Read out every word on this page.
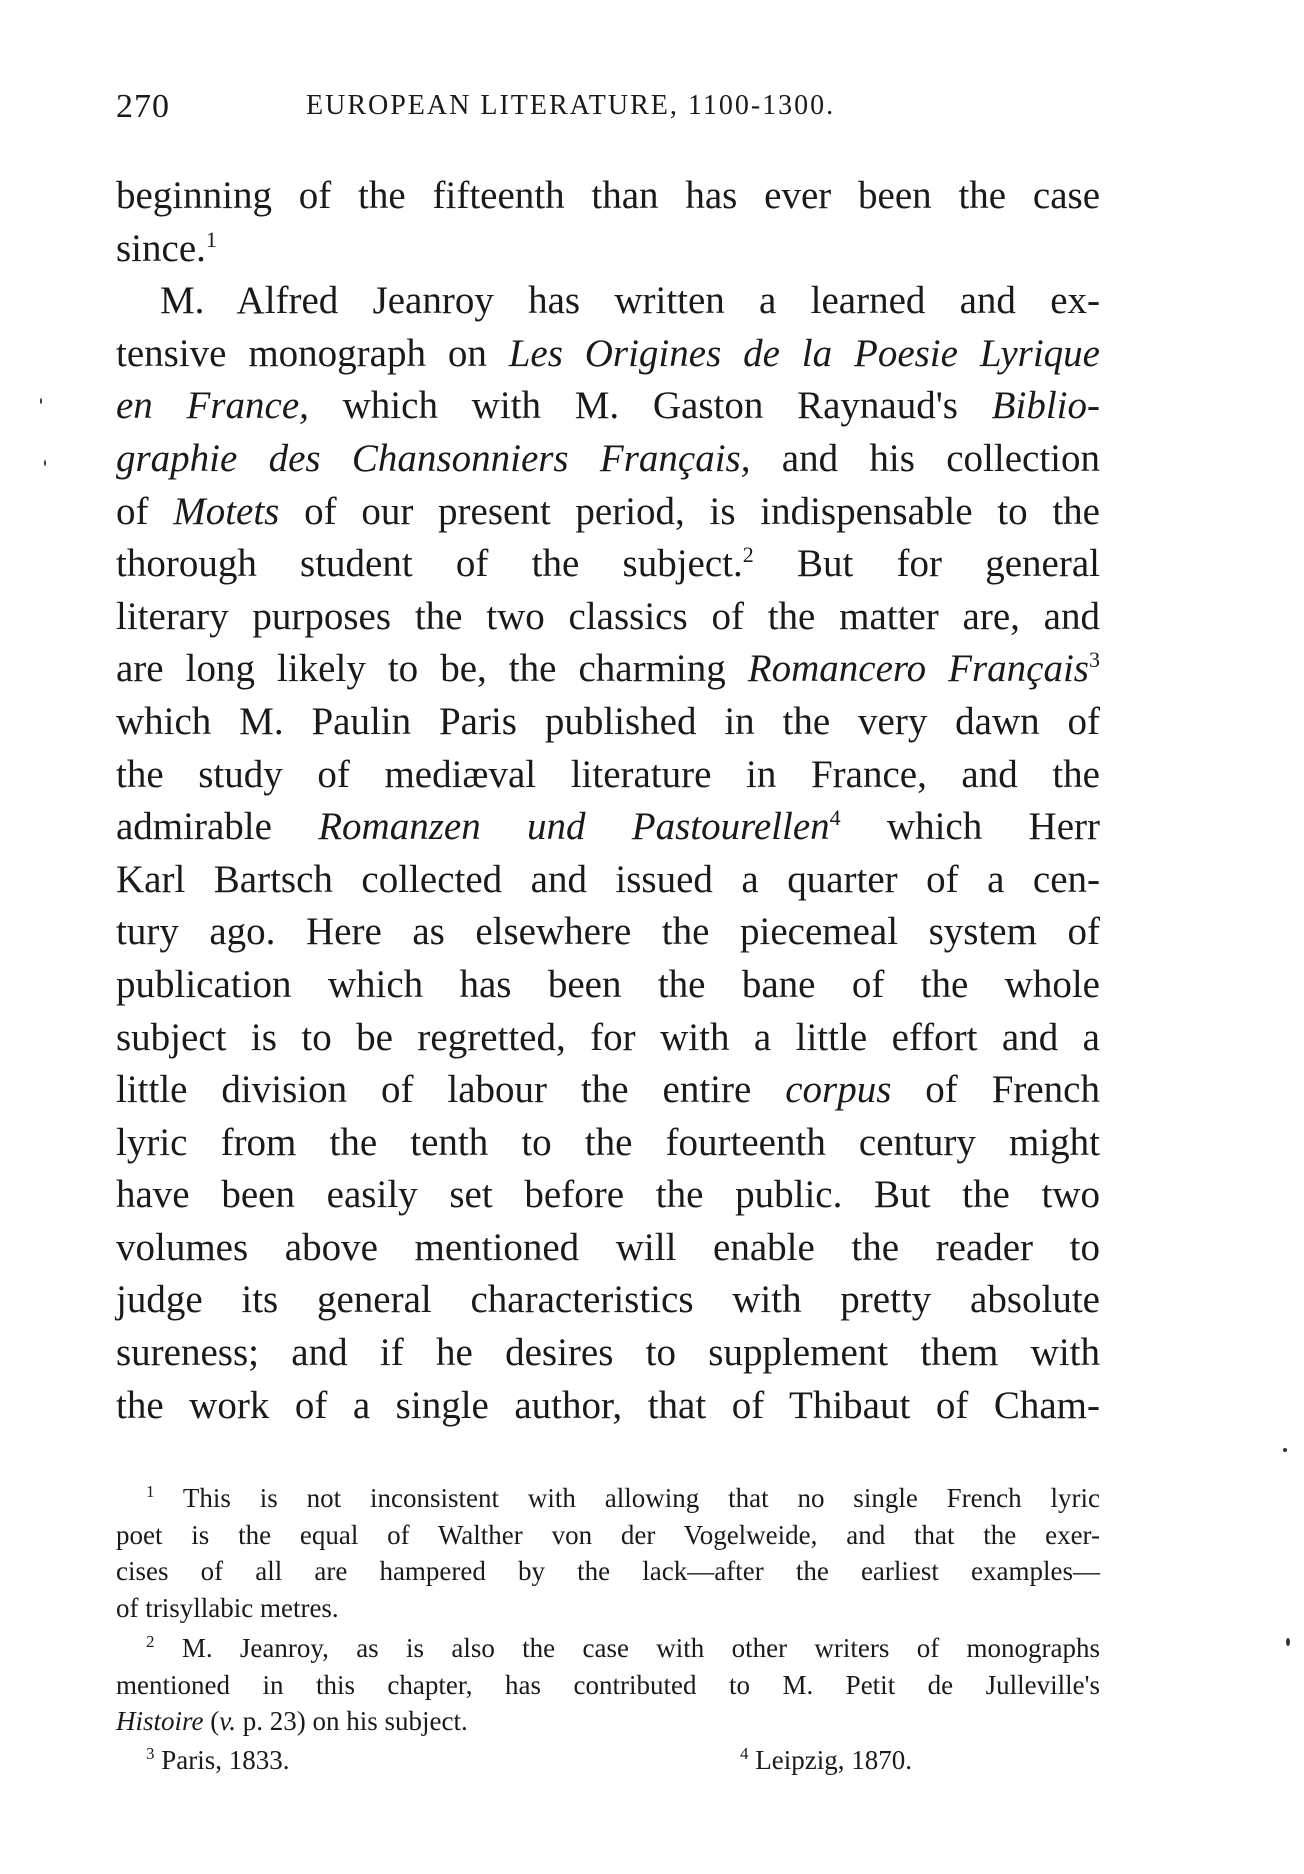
270	EUROPEAN LITERATURE, 1100-1300.

beginning of the fifteenth than has ever been the case
since.$^1$

M. Alfred Jeanroy has written a learned and ex-
tensive monograph on Les Origines de la Poesie Lyrique
en France, which with M. Gaston Raynaud's Biblio-
graphie des Chansonniers Français, and his collection
of Motets of our present period, is indispensable to the
thorough student of the subject.$^2$ But for general
literary purposes the two classics of the matter are, and
are long likely to be, the charming Romancero Français$^3$
which M. Paulin Paris published in the very dawn of
the study of mediæval literature in France, and the
admirable Romanzen und Pastourellen$^4$ which Herr
Karl Bartsch collected and issued a quarter of a cen-
tury ago. Here as elsewhere the piecemeal system of
publication which has been the bane of the whole
subject is to be regretted, for with a little effort and a
little division of labour the entire corpus of French
lyric from the tenth to the fourteenth century might
have been easily set before the public. But the two
volumes above mentioned will enable the reader to
judge its general characteristics with pretty absolute
sureness; and if he desires to supplement them with
the work of a single author, that of Thibaut of Cham-

$^1$ This is not inconsistent with allowing that no single French lyric
poet is the equal of Walther von der Vogelweide, and that the exer-
cises of all are hampered by the lack—after the earliest examples—
of trisyllabic metres.
$^2$ M. Jeanroy, as is also the case with other writers of monographs
mentioned in this chapter, has contributed to M. Petit de Julleville's
Histoire (v. p. 23) on his subject.
$^3$ Paris, 1833.	$^4$ Leipzig, 1870.
